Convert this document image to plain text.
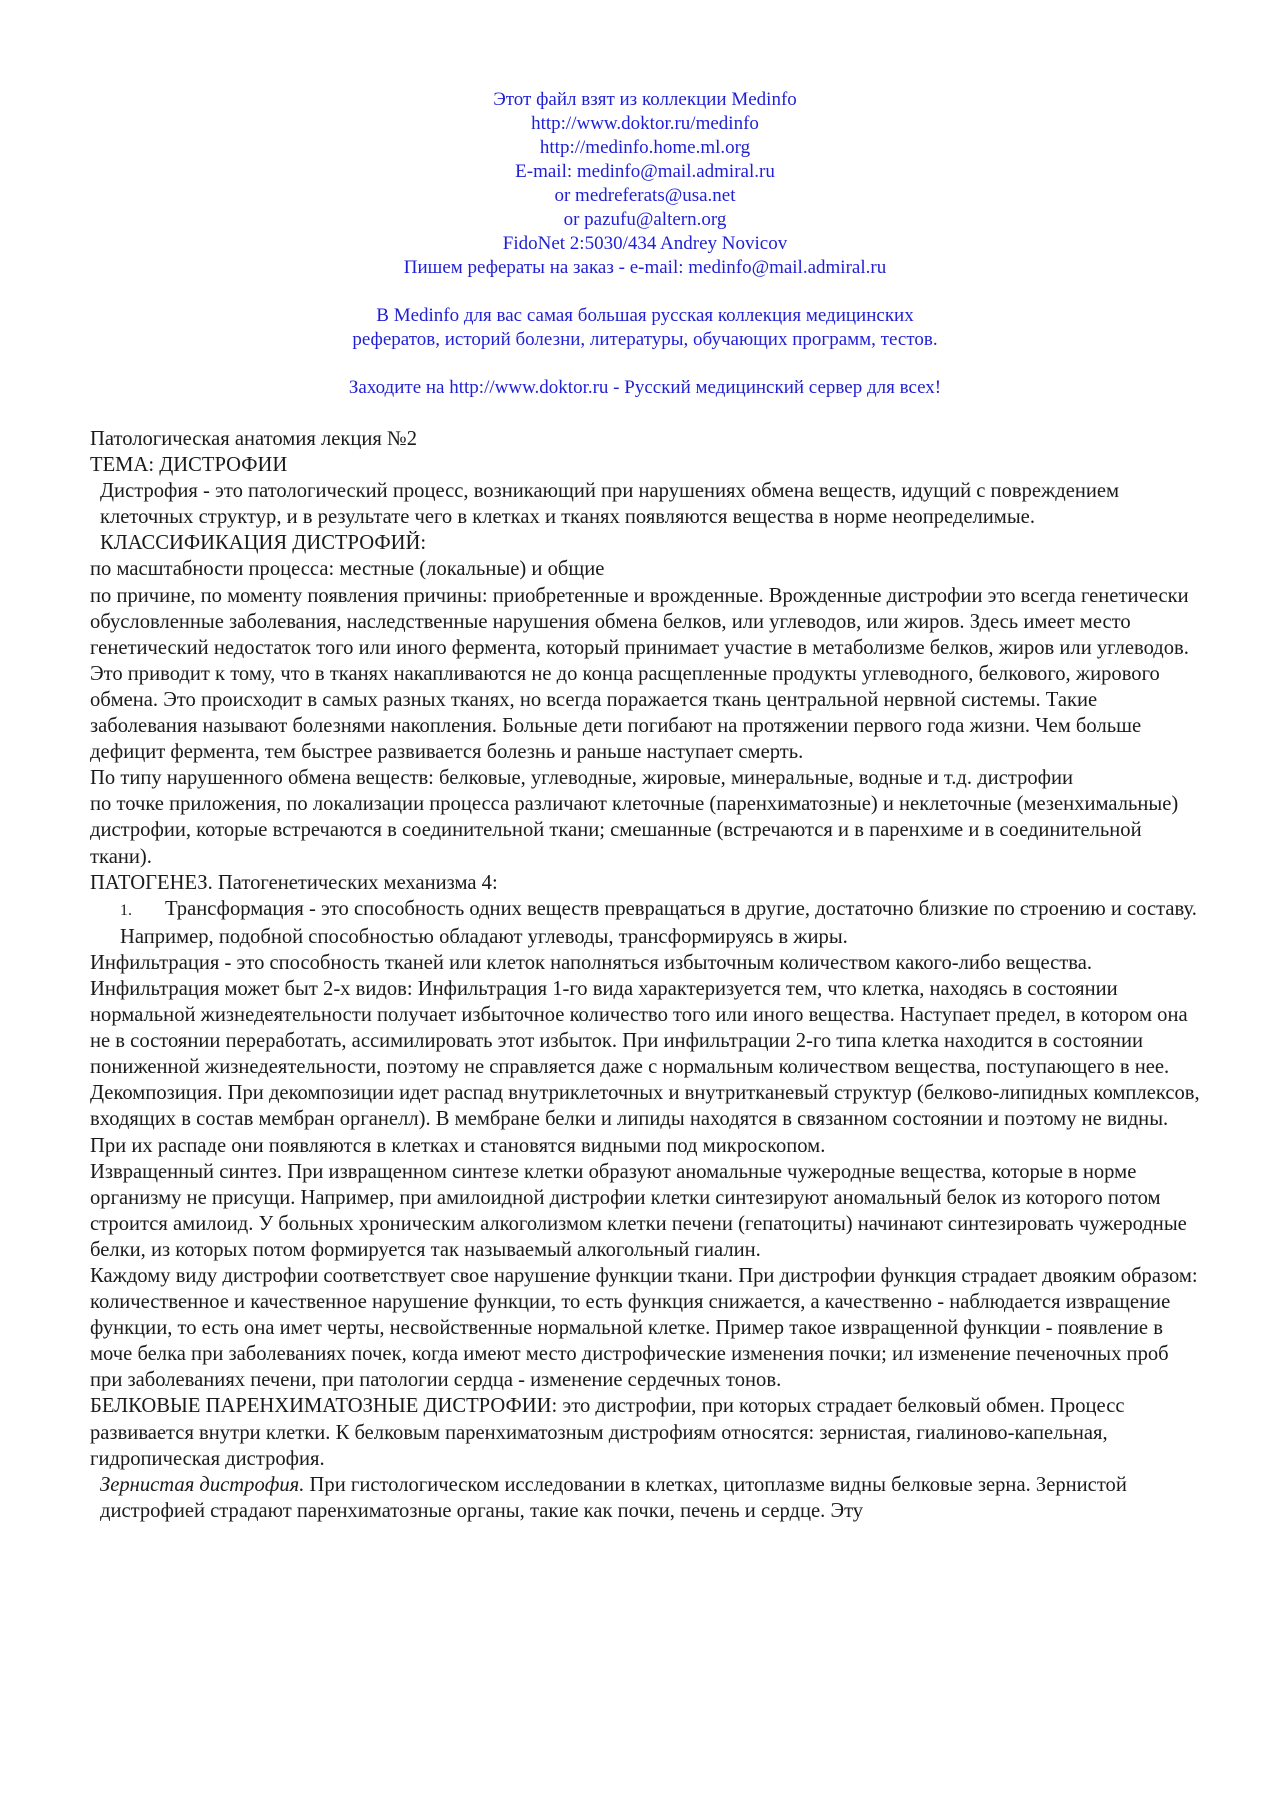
Этот файл взят из коллекции Medinfo
http://www.doktor.ru/medinfo
http://medinfo.home.ml.org
E-mail: medinfo@mail.admiral.ru
or medreferats@usa.net
or pazufu@altern.org
FidoNet 2:5030/434 Andrey Novicov
Пишем рефераты на заказ - e-mail: medinfo@mail.admiral.ru
В Medinfo для вас самая большая русская коллекция медицинских
рефератов, историй болезни, литературы, обучающих программ, тестов.
Заходите на http://www.doktor.ru - Русский медицинский сервер для всех!

Патологическая анатомия лекция №2

ТЕМА: ДИСТРОФИИ

Дистрофия - это патологический процесс, возникающий при нарушениях обмена веществ, идущий с повреждением клеточных структур, и в результате чего в клетках и тканях появляются вещества в норме неопределимые.

КЛАССИФИКАЦИЯ ДИСТРОФИЙ:

по масштабности процесса: местные (локальные) и общие

по причине, по моменту появления причины: приобретенные и врожденные. Врожденные дистрофии это всегда генетически обусловленные заболевания, наследственные нарушения обмена белков, или углеводов, или жиров. Здесь имеет место генетический недостаток того или иного фермента, который принимает участие в метаболизме белков, жиров или углеводов. Это приводит к тому, что в тканях накапливаются не до конца расщепленные продукты углеводного, белкового, жирового обмена. Это происходит в самых разных тканях, но всегда поражается ткань центральной нервной системы. Такие заболевания называют болезнями накопления. Больные дети погибают на протяжении первого года жизни. Чем больше дефицит фермента, тем быстрее развивается болезнь и раньше наступает смерть.

По типу нарушенного обмена веществ: белковые, углеводные, жировые, минеральные, водные и т.д. дистрофии

по точке приложения, по локализации процесса различают клеточные (паренхиматозные) и неклеточные (мезенхимальные) дистрофии, которые встречаются в соединительной ткани; смешанные (встречаются и в паренхиме и в соединительной ткани).

ПАТОГЕНЕЗ. Патогенетических механизма 4:

1. Трансформация - это способность одних веществ превращаться в другие, достаточно близкие по строению и составу. Например, подобной способностью обладают углеводы, трансформируясь в жиры.

Инфильтрация - это способность тканей или клеток наполняться избыточным количеством какого-либо вещества. Инфильтрация может быт 2-х видов: Инфильтрация 1-го вида характеризуется тем, что клетка, находясь в состоянии нормальной жизнедеятельности получает избыточное количество того или иного вещества. Наступает предел, в котором она не в состоянии переработать, ассимилировать этот избыток. При инфильтрации 2-го типа клетка находится в состоянии пониженной жизнедеятельности, поэтому не справляется даже с нормальным количеством вещества, поступающего в нее.

Декомпозиция. При декомпозиции идет распад внутриклеточных и внутритканевый структур (белково-липидных комплексов, входящих в состав мембран органелл). В мембране белки и липиды находятся в связанном состоянии и поэтому не видны. При их распаде они появляются в клетках и становятся видными под микроскопом.

Извращенный синтез. При извращенном синтезе клетки образуют аномальные чужеродные вещества, которые в норме организму не присущи. Например, при амилоидной дистрофии клетки синтезируют аномальный белок из которого потом строится амилоид. У больных хроническим алкоголизмом клетки печени (гепатоциты) начинают синтезировать чужеродные белки, из которых потом формируется так называемый алкогольный гиалин.

Каждому виду дистрофии соответствует свое нарушение функции ткани. При дистрофии функция страдает двояким образом: количественное и качественное нарушение функции, то есть функция снижается, а качественно - наблюдается извращение функции, то есть она имет черты, несвойственные нормальной клетке. Пример такое извращенной функции - появление в моче белка при заболеваниях почек, когда имеют место дистрофические изменения почки; ил изменение печеночных проб при заболеваниях печени, при патологии сердца - изменение сердечных тонов.

БЕЛКОВЫЕ ПАРЕНХИМАТОЗНЫЕ ДИСТРОФИИ: это дистрофии, при которых страдает белковый обмен. Процесс развивается внутри клетки. К белковым паренхиматозным дистрофиям относятся: зернистая, гиалиново-капельная, гидропическая дистрофия.

Зернистая дистрофия. При гистологическом исследовании в клетках, цитоплазме видны белковые зерна. Зернистой дистрофией страдают паренхиматозные органы, такие как почки, печень и сердце. Эту
